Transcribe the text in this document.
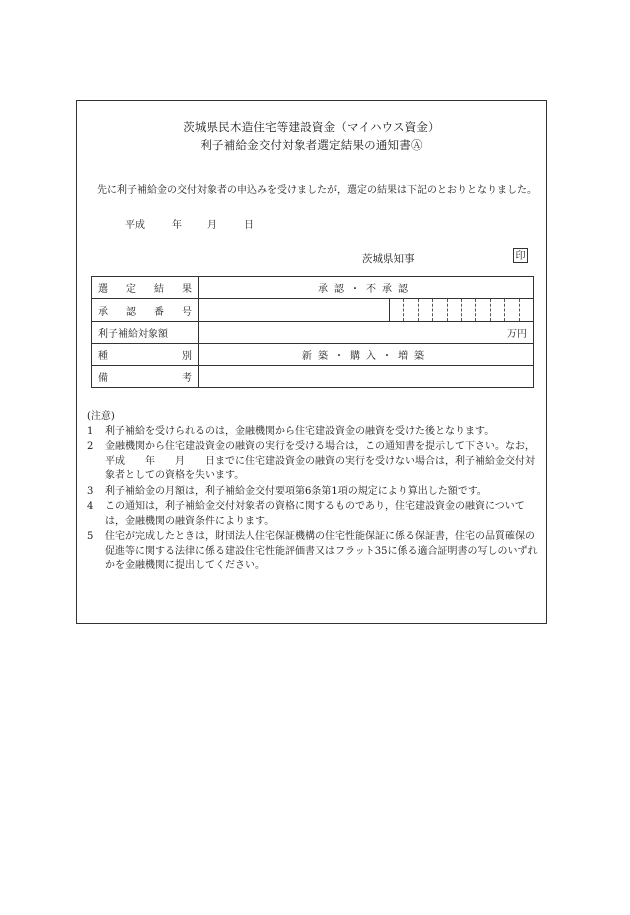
茨城県民木造住宅等建設資金（マイハウス資金）
利子補給金交付対象者選定結果の通知書Ⓐ
先に利子補給金の交付対象者の申込みを受けましたが，選定の結果は下記のとおりとなりました。
平成	年	月	日
茨城県知事	印
選 定 結 果	承認・不承認

承 認 番 号	

利子補給対象額	万円

種 別	新築・購入・増築

備 考	

(注意)
1	利子補給を受けられるのは，金融機関から住宅建設資金の融資を受けた後となります。
2	金融機関から住宅建設資金の融資の実行を受ける場合は，この通知書を提示して下さい。なお，平成　　年　　月　　日までに住宅建設資金の融資の実行を受けない場合は，利子補給金交付対象者としての資格を失います。
3	利子補給金の月額は，利子補給金交付要項第6条第1項の規定により算出した額です。
4	この通知は，利子補給金交付対象者の資格に関するものであり，住宅建設資金の融資については，金融機関の融資条件によります。
5	住宅が完成したときは，財団法人住宅保証機構の住宅性能保証に係る保証書，住宅の品質確保の促進等に関する法律に係る建設住宅性能評価書又はフラット35に係る適合証明書の写しのいずれかを金融機関に提出してください。
